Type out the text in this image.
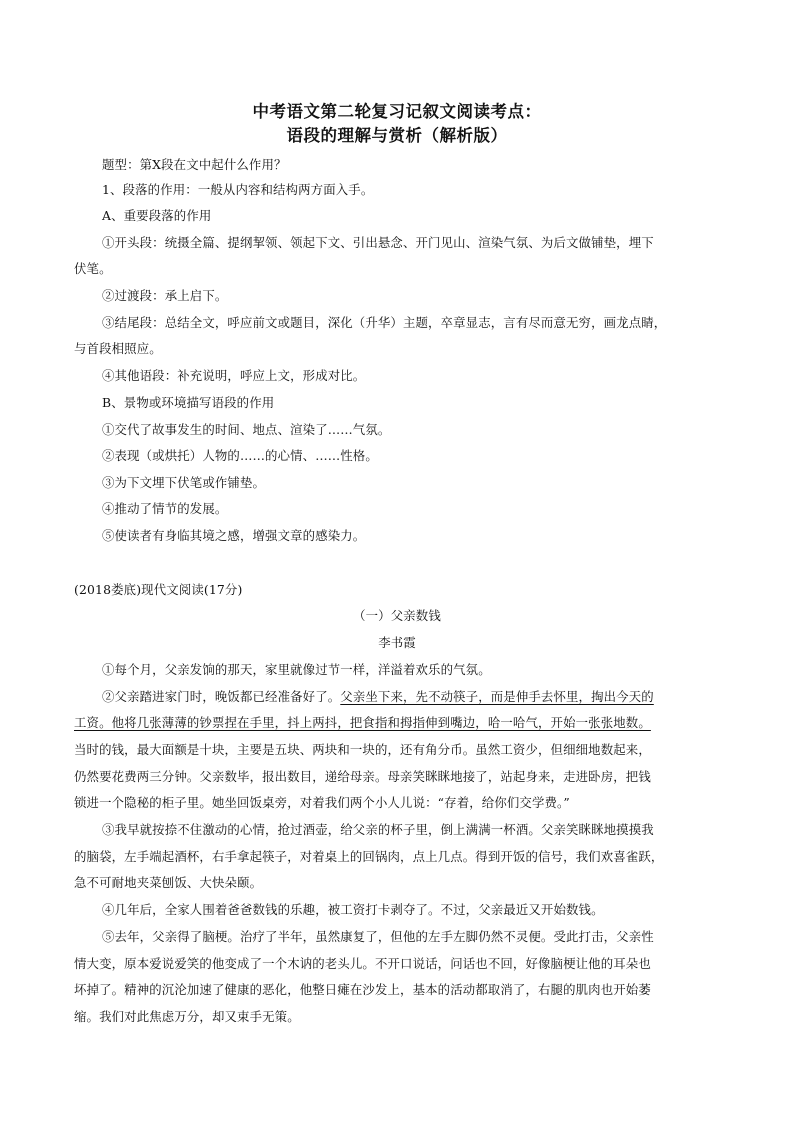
中考语文第二轮复习记叙文阅读考点：
语段的理解与赏析（解析版）
题型：第X段在文中起什么作用？
1、段落的作用：一般从内容和结构两方面入手。
A、重要段落的作用
①开头段：统摄全篇、提纲挈领、领起下文、引出悬念、开门见山、渲染气氛、为后文做铺垫，埋下
伏笔。
②过渡段：承上启下。
③结尾段：总结全文，呼应前文或题目，深化（升华）主题，卒章显志，言有尽而意无穷，画龙点睛，
与首段相照应。
④其他语段：补充说明，呼应上文，形成对比。
B、景物或环境描写语段的作用
①交代了故事发生的时间、地点、渲染了……气氛。
②表现（或烘托）人物的……的心情、……性格。
③为下文埋下伏笔或作铺垫。
④推动了情节的发展。
⑤使读者有身临其境之感，增强文章的感染力。
(2018娄底)现代文阅读(17分)
（一）父亲数钱
李书霞
①每个月，父亲发饷的那天，家里就像过节一样，洋溢着欢乐的气氛。
②父亲踏进家门时，晚饭都已经准备好了。父亲坐下来，先不动筷子，而是伸手去怀里，掏出今天的
工资。他将几张薄薄的钞票捏在手里，抖上两抖，把食指和拇指伸到嘴边，哈一哈气，开始一张张地数。
当时的钱，最大面额是十块，主要是五块、两块和一块的，还有角分币。虽然工资少，但细细地数起来，
仍然要花费两三分钟。父亲数毕，报出数目，递给母亲。母亲笑眯眯地接了，站起身来，走进卧房，把钱
锁进一个隐秘的柜子里。她坐回饭桌旁，对着我们两个小人儿说：“存着，给你们交学费。”
③我早就按捺不住激动的心情，抢过酒壶，给父亲的杯子里，倒上满满一杯酒。父亲笑眯眯地摸摸我
的脑袋，左手端起酒杯，右手拿起筷子，对着桌上的回锅肉，点上几点。得到开饭的信号，我们欢喜雀跃，
急不可耐地夹菜刨饭、大快朵颐。
④几年后，全家人围着爸爸数钱的乐趣，被工资打卡剥夺了。不过，父亲最近又开始数钱。
⑤去年，父亲得了脑梗。治疗了半年，虽然康复了，但他的左手左脚仍然不灵便。受此打击，父亲性
情大变，原本爱说爱笑的他变成了一个木讷的老头儿。不开口说话，问话也不回，好像脑梗让他的耳朵也
坏掉了。精神的沉沦加速了健康的恶化，他整日瘫在沙发上，基本的活动都取消了，右腿的肌肉也开始萎
缩。我们对此焦虑万分，却又束手无策。
